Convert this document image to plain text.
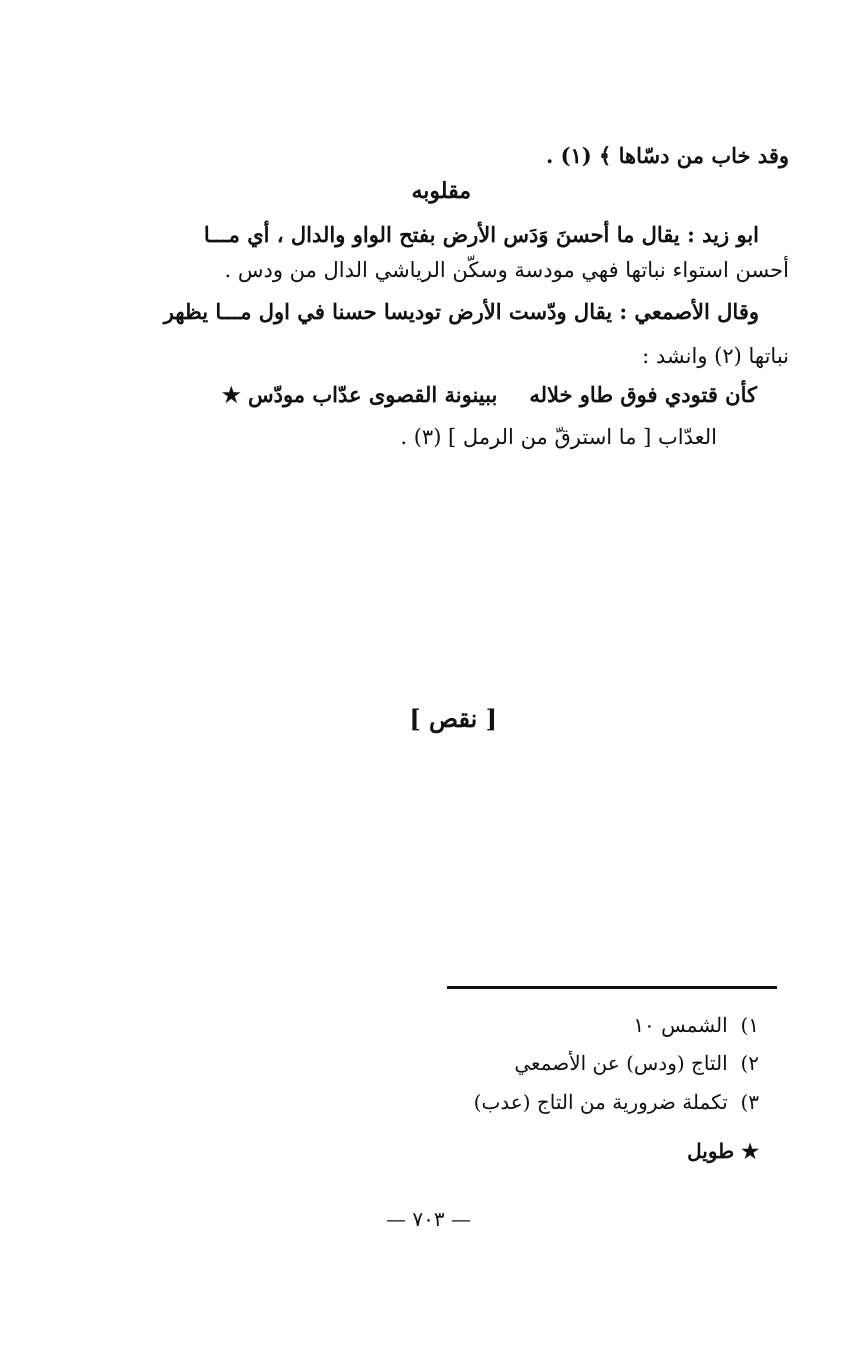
وقد خاب من دسّاها ﴾ (١) .
مقلوبه
ابو زيد : يقال ما أحسنَ وَدَس الأرض بفتح الواو والدال ، أي مـــا
أحسن استواء نباتها فهي مودسة وسكّن الرياشي الدال من ودس .
وقال الأصمعي : يقال ودّست الأرض توديسا حسنا في اول مـــا يظهر
نباتها (٢) وانشد :
كأن قتودي فوق طاو خلالهببينونة القصوى عدّاب مودّس ★
العدّاب [ ما استرقّ من الرمل ] (٣) .
[ نقص ]
١)  الشمس ١٠
٢)  التاج (ودس) عن الأصمعي
٣)  تكملة ضرورية من التاج (عدب)
★ طويل
— ٧٠٣ —
